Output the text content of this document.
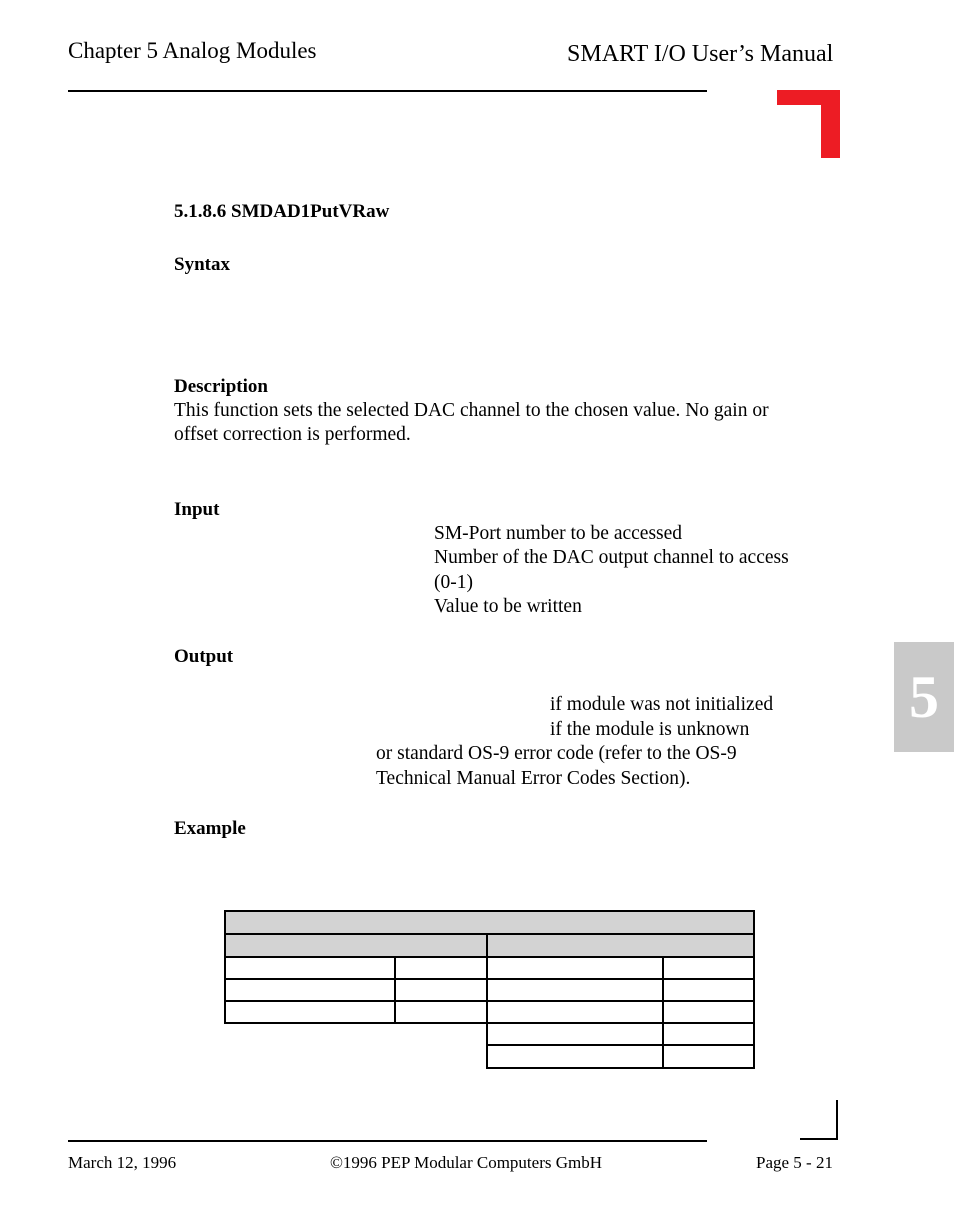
Chapter 5 Analog Modules	SMART I/O User’s Manual
5.1.8.6 SMDAD1PutVRaw
Syntax
Description
This function sets the selected DAC channel to the chosen value. No gain or
offset correction is performed.
Input
SM-Port number to be accessed
Number of the DAC output channel to access
(0-1)
Value to be written
Output
if module was not initialized
if the module is unknown
or standard OS-9 error code (refer to the OS-9
Technical Manual Error Codes Section).
Example
5
March 12, 1996	©1996 PEP Modular Computers GmbH	Page 5 - 21
